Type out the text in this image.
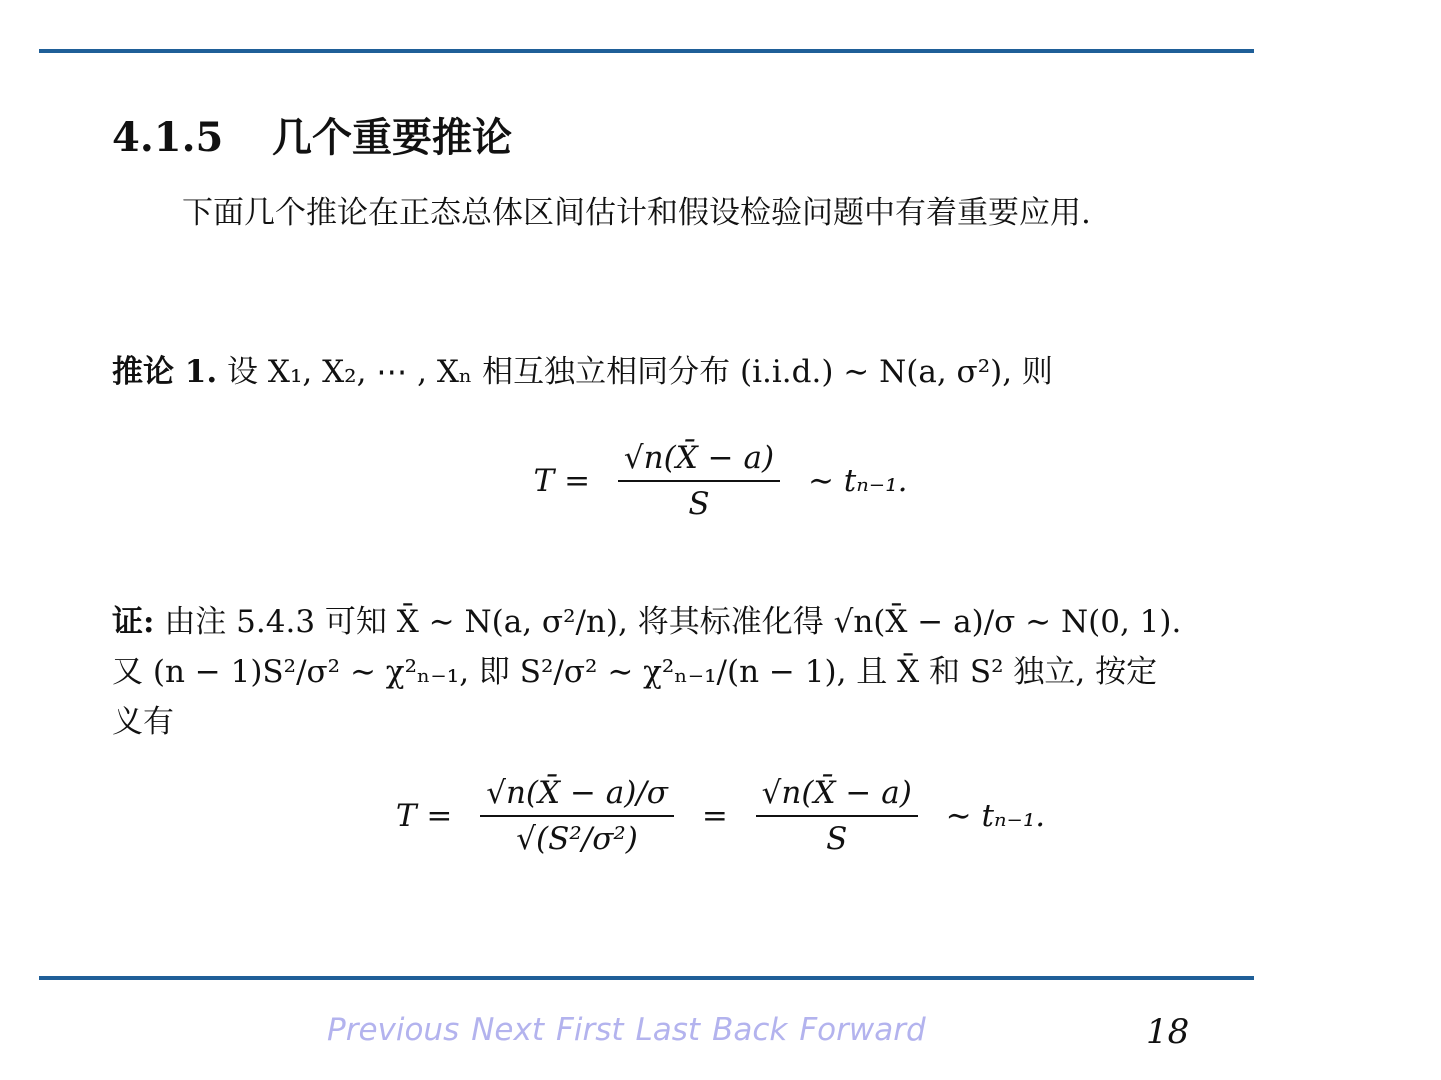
4.1.5 几个重要推论
下面几个推论在正态总体区间估计和假设检验问题中有着重要应用.
推论 1. 设 X₁, X₂, ⋯ , Xₙ 相互独立相同分布 (i.i.d.) ∼ N(a, σ²), 则
$T = \frac{√n(X̄ - a)}{S}$ ∼ tₙ₋₁.
证: 由注 5.4.3 可知 X̄ ∼ N(a, σ²/n), 将其标准化得 √n(X̄ − a)/σ ∼ N(0, 1). 又 (n − 1)S²/σ² ∼ χ²ₙ₋₁, 即 S²/σ² ∼ χ²ₙ₋₁/(n − 1), 且 X̄ 和 S² 独立, 按定义有
$T = \frac{√n(X̄ - a)/\sigma}{\text{√(S²/σ²)}} = \frac{√n(X̄ - a)}{S}$ ∼ tₙ₋₁.
Previous Next First Last Back Forward	18
